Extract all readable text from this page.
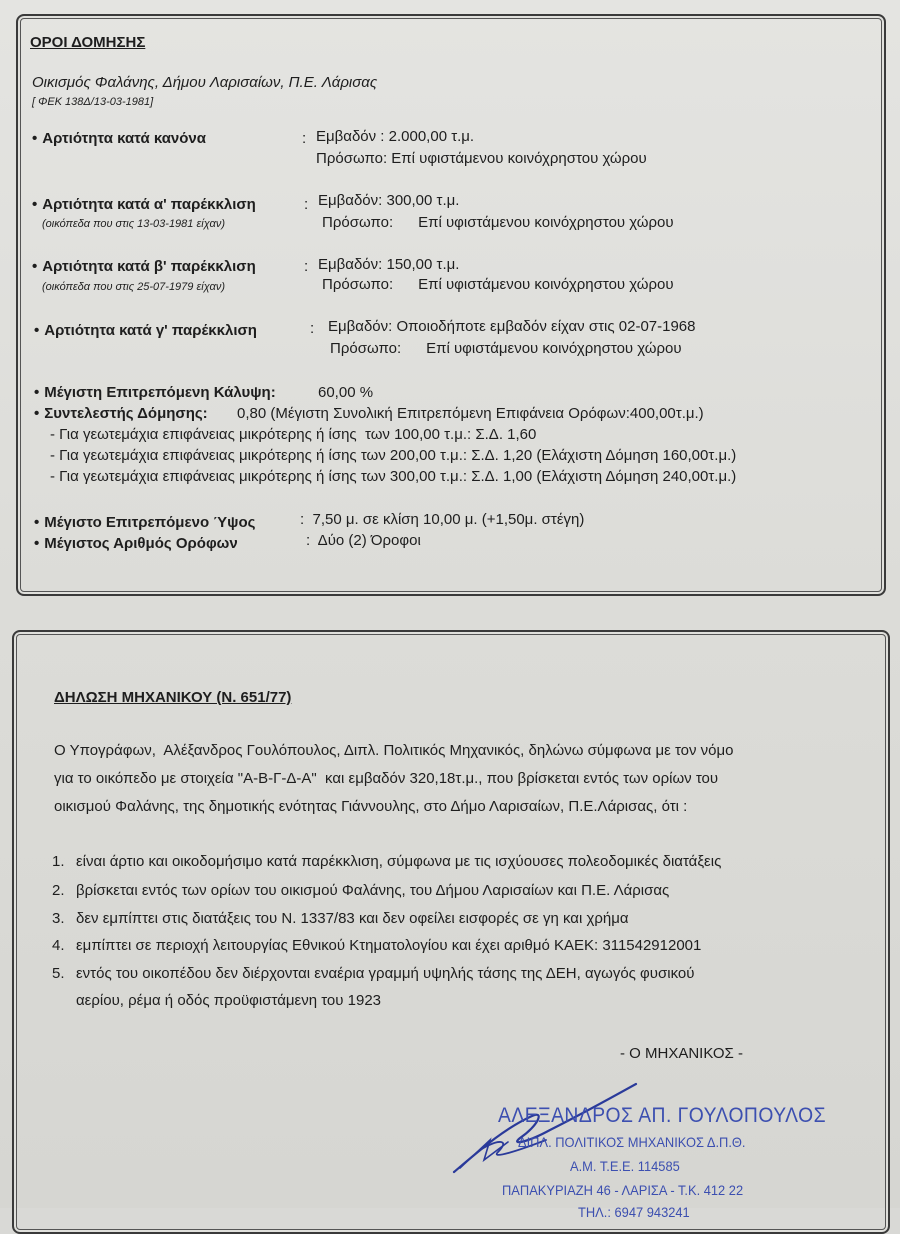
ΟΡΟΙ ΔΟΜΗΣΗΣ
Οικισμός Φαλάνης, Δήμου Λαρισαίων, Π.Ε. Λάρισας
[ ΦΕΚ 138Δ/13-03-1981]
• Αρτιότητα κατά κανόνα	: Εμβαδόν : 2.000,00 τ.μ.
Πρόσωπο: Επί υφιστάμενου κοινόχρηστου χώρου
• Αρτιότητα κατά α' παρέκκλιση	: Εμβαδόν: 300,00 τ.μ.
(οικόπεδα που στις 13-03-1981 είχαν)	Πρόσωπο:      Επί υφιστάμενου κοινόχρηστου χώρου
• Αρτιότητα κατά β' παρέκκλιση	: Εμβαδόν: 150,00 τ.μ.
(οικόπεδα που στις 25-07-1979 είχαν)	Πρόσωπο:      Επί υφιστάμενου κοινόχρηστου χώρου
• Αρτιότητα κατά γ' παρέκκλιση	: Εμβαδόν: Οποιοδήποτε εμβαδόν είχαν στις 02-07-1968
Πρόσωπο:      Επί υφιστάμενου κοινόχρηστου χώρου
• Μέγιστη Επιτρεπόμενη Κάλυψη:	60,00 %
• Συντελεστής Δόμησης: 0,80 (Μέγιστη Συνολική Επιτρεπόμενη Επιφάνεια Ορόφων:400,00τ.μ.)
- Για γεωτεμάχια επιφάνειας μικρότερης ή ίσης  των 100,00 τ.μ.: Σ.Δ. 1,60
- Για γεωτεμάχια επιφάνειας μικρότερης ή ίσης των 200,00 τ.μ.: Σ.Δ. 1,20 (Ελάχιστη Δόμηση 160,00τ.μ.)
- Για γεωτεμάχια επιφάνειας μικρότερης ή ίσης των 300,00 τ.μ.: Σ.Δ. 1,00 (Ελάχιστη Δόμηση 240,00τ.μ.)
• Μέγιστο Επιτρεπόμενο Ύψος	:  7,50 μ. σε κλίση 10,00 μ. (+1,50μ. στέγη)
• Μέγιστος Αριθμός Ορόφων	:  Δύο (2) Όροφοι
ΔΗΛΩΣΗ ΜΗΧΑΝΙΚΟΥ (Ν. 651/77)
Ο Υπογράφων,  Αλέξανδρος Γουλόπουλος, Διπλ. Πολιτικός Μηχανικός, δηλώνω σύμφωνα με τον νόμο
για το οικόπεδο με στοιχεία "Α-Β-Γ-Δ-Α"  και εμβαδόν 320,18τ.μ., που βρίσκεται εντός των ορίων του
οικισμού Φαλάνης, της δημοτικής ενότητας Γιάννουλης, στο Δήμο Λαρισαίων, Π.Ε.Λάρισας, ότι :
1. είναι άρτιο και οικοδομήσιμο κατά παρέκκλιση, σύμφωνα με τις ισχύουσες πολεοδομικές διατάξεις
2. βρίσκεται εντός των ορίων του οικισμού Φαλάνης, του Δήμου Λαρισαίων και Π.Ε. Λάρισας
3. δεν εμπίπτει στις διατάξεις του Ν. 1337/83 και δεν οφείλει εισφορές σε γη και χρήμα
4. εμπίπτει σε περιοχή λειτουργίας Εθνικού Κτηματολογίου και έχει αριθμό ΚΑΕΚ: 311542912001
5. εντός του οικοπέδου δεν διέρχονται εναέρια γραμμή υψηλής τάσης της ΔΕΗ, αγωγός φυσικού
αερίου, ρέμα ή οδός προϋφιστάμενη του 1923
- Ο ΜΗΧΑΝΙΚΟΣ -
ΑΛΕΞΑΝΔΡΟΣ ΑΠ. ΓΟΥΛΟΠΟΥΛΟΣ
ΔΙΠΛ. ΠΟΛΙΤΙΚΟΣ ΜΗΧΑΝΙΚΟΣ Δ.Π.Θ.
Α.Μ. Τ.Ε.Ε. 114585
ΠΑΠΑΚΥΡΙΑΖΗ 46 - ΛΑΡΙΣΑ - Τ.Κ. 412 22
ΤΗΛ.: 6947 943241
